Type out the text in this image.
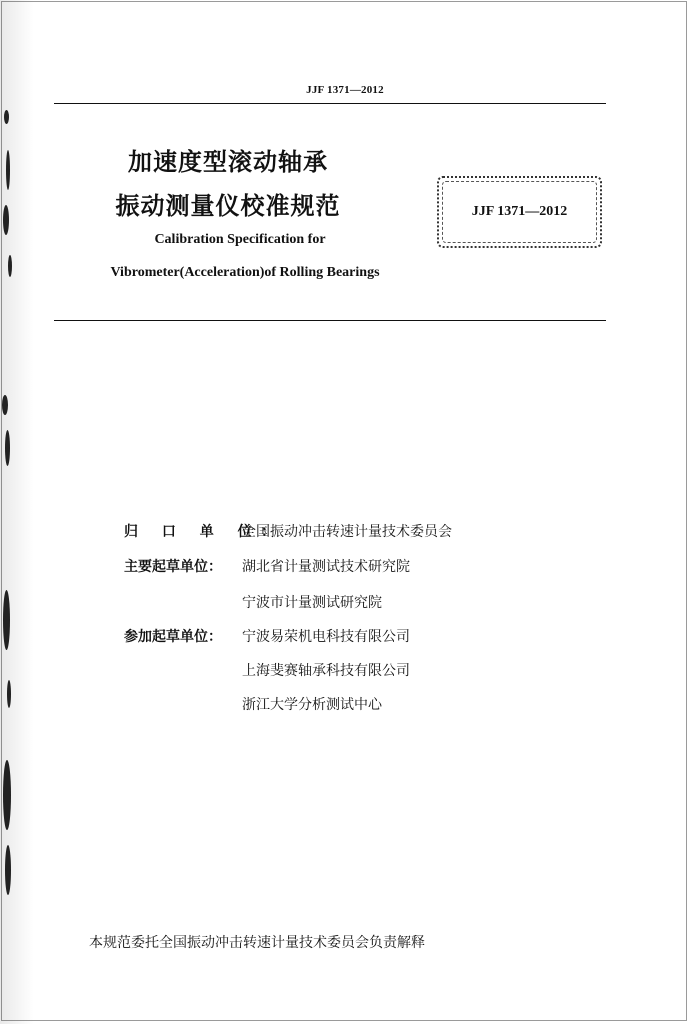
JJF 1371—2012
加速度型滚动轴承
振动测量仪校准规范
Calibration Specification for
Vibrometer(Acceleration)of Rolling Bearings
JJF 1371—2012
归 口 单 位：
全国振动冲击转速计量技术委员会
主要起草单位：	湖北省计量测试技术研究院
宁波市计量测试研究院
参加起草单位：	宁波易荣机电科技有限公司
上海斐赛轴承科技有限公司
浙江大学分析测试中心
本规范委托全国振动冲击转速计量技术委员会负责解释
